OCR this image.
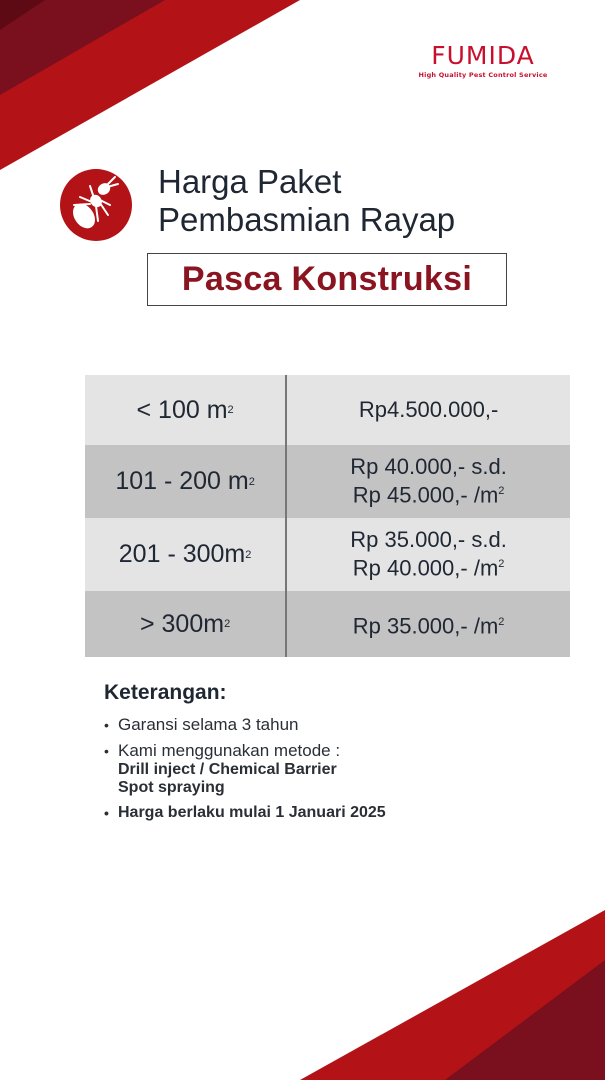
FUMIDA
High Quality Pest Control Service
Harga Paket
Pembasmian Rayap
Pasca Konstruksi
< 100 m 2	Rp4.500.000,-
101 - 200 m 2
Rp 40.000,- s.d.
Rp 45.000,- $/m^2$
201 - 300m 2
Rp 35.000,- s.d.
Rp 40.000,- $/m^2$
> 300m 2	Rp 35.000,- $/m^2$
Keterangan:
• Garansi selama 3 tahun
• Kami menggunakan metode :
Drill inject / Chemical Barrier
Spot spraying
• Harga berlaku mulai 1 Januari 2025
